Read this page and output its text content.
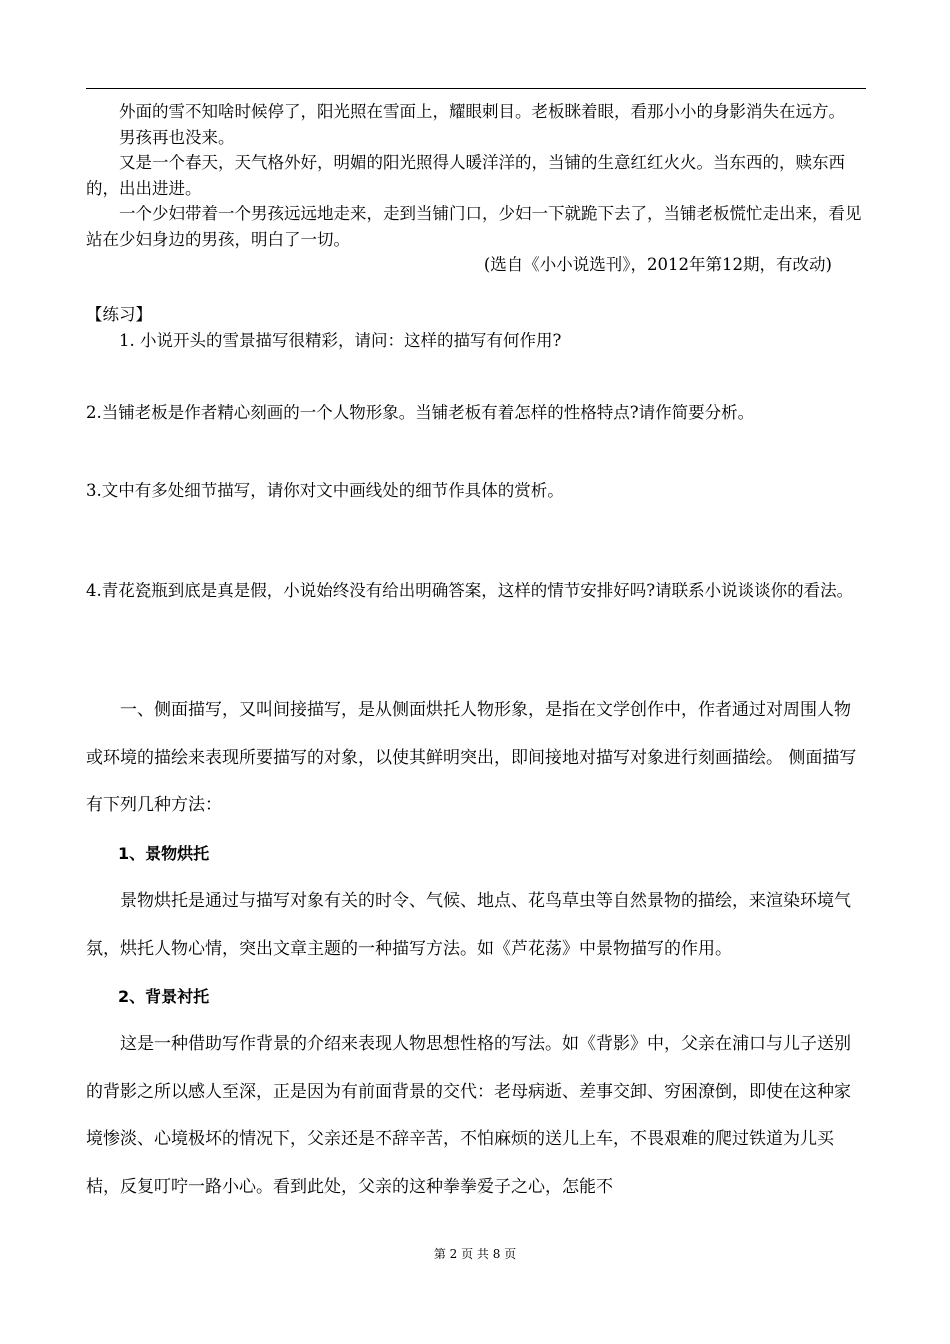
外面的雪不知啥时候停了，阳光照在雪面上，耀眼刺目。老板眯着眼，看那小小的身影消失在远方。

男孩再也没来。

又是一个春天，天气格外好，明媚的阳光照得人暖洋洋的，当铺的生意红红火火。当东西的，赎东西的，出出进进。

一个少妇带着一个男孩远远地走来，走到当铺门口，少妇一下就跪下去了，当铺老板慌忙走出来，看见站在少妇身边的男孩，明白了一切。

(选自《小小说选刊》，2012年第12期，有改动)

【练习】

1. 小说开头的雪景描写很精彩，请问：这样的描写有何作用?

2.当铺老板是作者精心刻画的一个人物形象。当铺老板有着怎样的性格特点?请作简要分析。

3.文中有多处细节描写，请你对文中画线处的细节作具体的赏析。

4.青花瓷瓶到底是真是假，小说始终没有给出明确答案，这样的情节安排好吗?请联系小说谈谈你的看法。

一、侧面描写，又叫间接描写，是从侧面烘托人物形象，是指在文学创作中，作者通过对周围人物或环境的描绘来表现所要描写的对象，以使其鲜明突出，即间接地对描写对象进行刻画描绘。 侧面描写有下列几种方法：

1、景物烘托

景物烘托是通过与描写对象有关的时令、气候、地点、花鸟草虫等自然景物的描绘，来渲染环境气氛，烘托人物心情，突出文章主题的一种描写方法。如《芦花荡》中景物描写的作用。

2、背景衬托

这是一种借助写作背景的介绍来表现人物思想性格的写法。如《背影》中，父亲在浦口与儿子送别的背影之所以感人至深，正是因为有前面背景的交代：老母病逝、差事交卸、穷困潦倒，即使在这种家境惨淡、心境极坏的情况下，父亲还是不辞辛苦，不怕麻烦的送儿上车，不畏艰难的爬过铁道为儿买桔，反复叮咛一路小心。看到此处，父亲的这种拳拳爱子之心，怎能不

第 2 页 共 8 页
